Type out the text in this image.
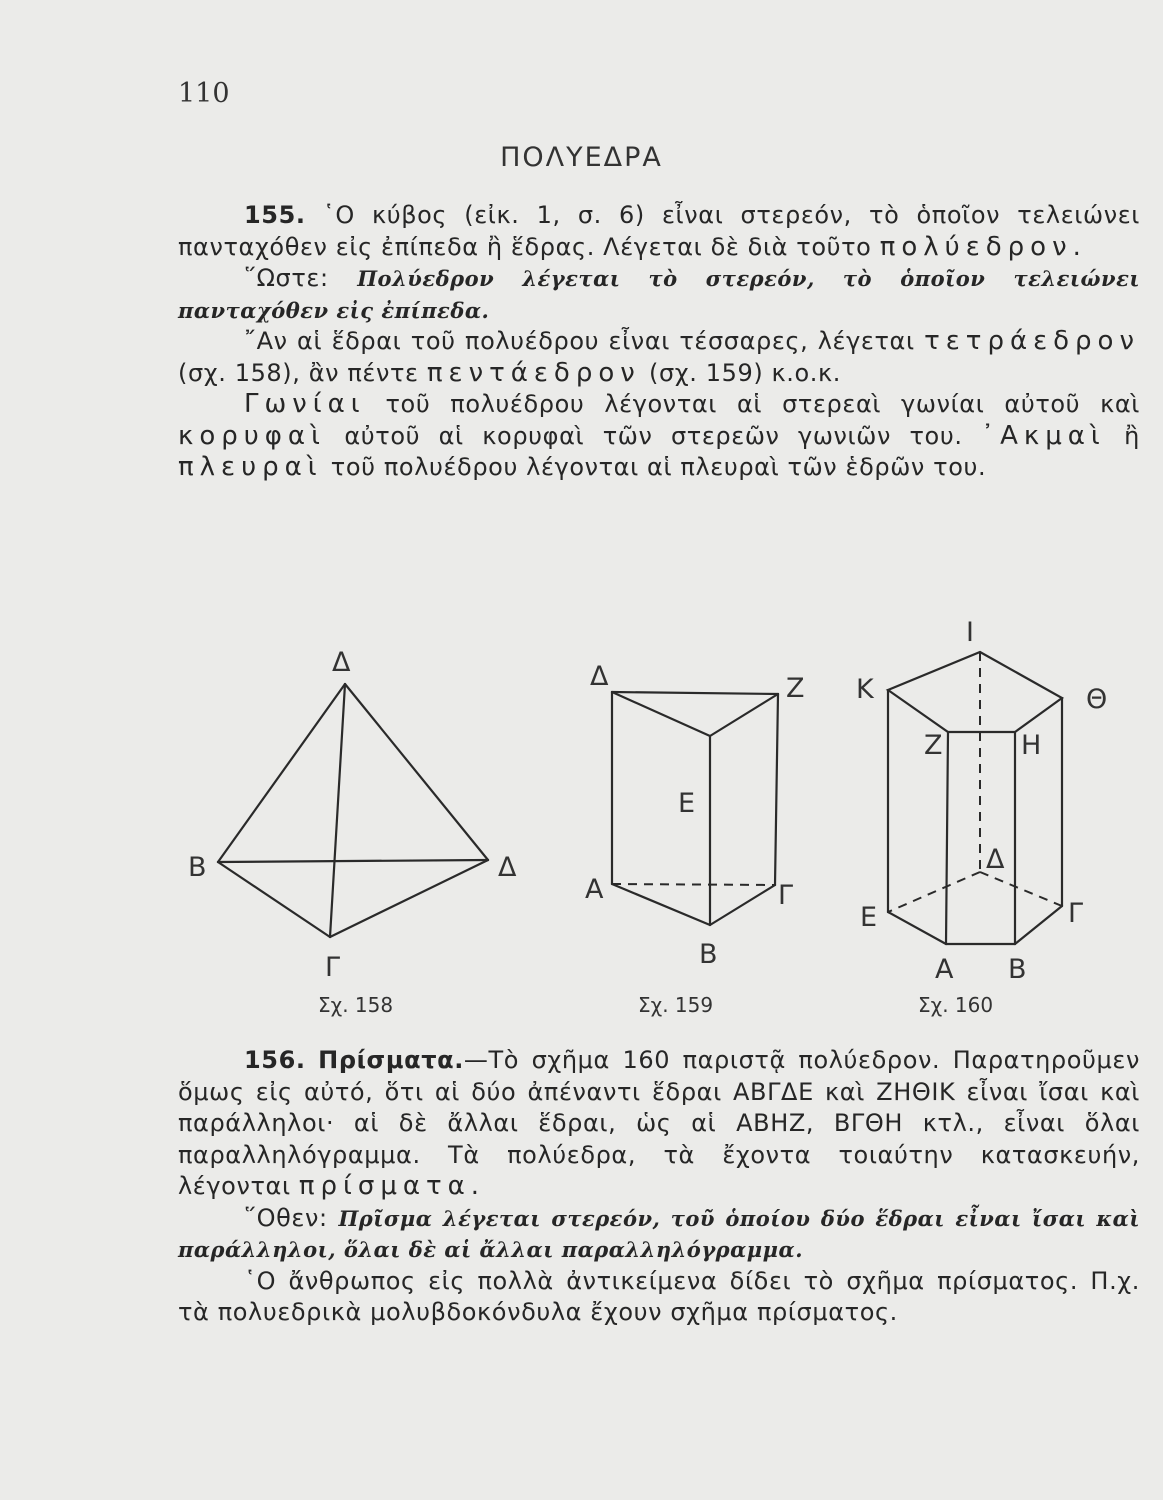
110
ΠΟΛΥΕΔΡΑ

155. ῾Ο κύβος (εἰκ. 1, σ. 6) εἶναι στερεόν, τὸ ὁποῖον τελειώνει πανταχόθεν εἰς ἐπίπεδα ἢ ἕδρας. Λέγεται δὲ διὰ τοῦτο πολύεδρον.

῞Ωστε: Πολύεδρον λέγεται τὸ στερεόν, τὸ ὁποῖον τελειώνει πανταχόθεν εἰς ἐπίπεδα.

῎Αν αἱ ἕδραι τοῦ πολυέδρου εἶναι τέσσαρες, λέγεται τετράεδρον (σχ. 158), ἂν πέντε πεντάεδρον (σχ. 159) κ.ο.κ.

Γωνίαι τοῦ πολυέδρου λέγονται αἱ στερεαὶ γωνίαι αὐτοῦ καὶ κορυφαὶ αὐτοῦ αἱ κορυφαὶ τῶν στερεῶν γωνιῶν του. ᾿Ακμαὶ ἢ πλευραὶ τοῦ πολυέδρου λέγονται αἱ πλευραὶ τῶν ἑδρῶν του.

Δ
Β	Δ
Γ
Σχ. 158
Δ	Ζ
Ε
Α	Γ
Β
Σχ. 159
Ι
Κ	Θ
Ζ	Η
Δ
Ε	Γ
Α Β
Σχ. 160

156. Πρίσματα.—Τὸ σχῆμα 160 παριστᾷ πολύεδρον. Παρατηροῦμεν ὅμως εἰς αὐτό, ὅτι αἱ δύο ἀπέναντι ἕδραι ΑΒΓΔΕ καὶ ΖΗΘΙΚ εἶναι ἴσαι καὶ παράλληλοι· αἱ δὲ ἄλλαι ἕδραι, ὡς αἱ ΑΒΗΖ, ΒΓΘΗ κτλ., εἶναι ὅλαι παραλληλόγραμμα. Τὰ πολύεδρα, τὰ ἔχοντα τοιαύτην κατασκευήν, λέγονται πρίσματα.

῞Οθεν: Πρῖσμα λέγεται στερεόν, τοῦ ὁποίου δύο ἕδραι εἶναι ἴσαι καὶ παράλληλοι, ὅλαι δὲ αἱ ἄλλαι παραλληλόγραμμα.

῾Ο ἄνθρωπος εἰς πολλὰ ἀντικείμενα δίδει τὸ σχῆμα πρίσματος. Π.χ. τὰ πολυεδρικὰ μολυβδοκόνδυλα ἔχουν σχῆμα πρίσματος.
